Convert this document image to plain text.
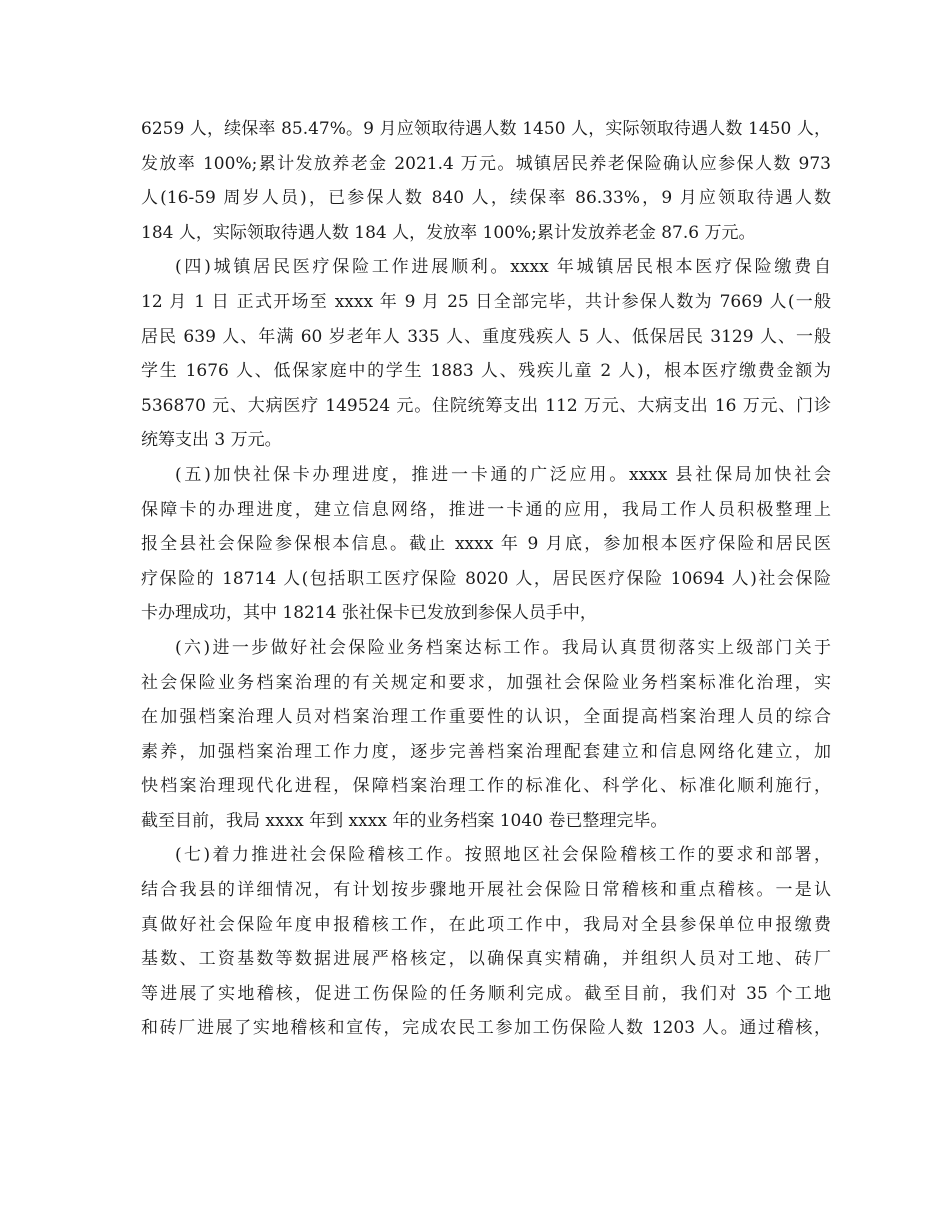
6259 人，续保率 85.47%。9 月应领取待遇人数 1450 人，实际领取待遇人数 1450 人，
发放率 100%;累计发放养老金 2021.4 万元。城镇居民养老保险确认应参保人数 973
人(16-59 周岁人员)，已参保人数 840 人，续保率 86.33%，9 月应领取待遇人数
184 人，实际领取待遇人数 184 人，发放率 100%;累计发放养老金 87.6 万元。
(四)城镇居民医疗保险工作进展顺利。xxxx 年城镇居民根本医疗保险缴费自
12 月 1 日 正式开场至 xxxx 年 9 月 25 日全部完毕，共计参保人数为 7669 人(一般
居民 639 人、年满 60 岁老年人 335 人、重度残疾人 5 人、低保居民 3129 人、一般
学生 1676 人、低保家庭中的学生 1883 人、残疾儿童 2 人)，根本医疗缴费金额为
536870 元、大病医疗 149524 元。住院统筹支出 112 万元、大病支出 16 万元、门诊
统筹支出 3 万元。
(五)加快社保卡办理进度，推进一卡通的广泛应用。xxxx 县社保局加快社会
保障卡的办理进度，建立信息网络，推进一卡通的应用，我局工作人员积极整理上
报全县社会保险参保根本信息。截止 xxxx 年 9 月底，参加根本医疗保险和居民医
疗保险的 18714 人(包括职工医疗保险 8020 人，居民医疗保险 10694 人)社会保险
卡办理成功，其中 18214 张社保卡已发放到参保人员手中，
(六)进一步做好社会保险业务档案达标工作。我局认真贯彻落实上级部门关于
社会保险业务档案治理的有关规定和要求，加强社会保险业务档案标准化治理，实
在加强档案治理人员对档案治理工作重要性的认识，全面提高档案治理人员的综合
素养，加强档案治理工作力度，逐步完善档案治理配套建立和信息网络化建立，加
快档案治理现代化进程，保障档案治理工作的标准化、科学化、标准化顺利施行，
截至目前，我局 xxxx 年到 xxxx 年的业务档案 1040 卷已整理完毕。
(七)着力推进社会保险稽核工作。按照地区社会保险稽核工作的要求和部署，
结合我县的详细情况，有计划按步骤地开展社会保险日常稽核和重点稽核。一是认
真做好社会保险年度申报稽核工作，在此项工作中，我局对全县参保单位申报缴费
基数、工资基数等数据进展严格核定，以确保真实精确，并组织人员对工地、砖厂
等进展了实地稽核，促进工伤保险的任务顺利完成。截至目前，我们对 35 个工地
和砖厂进展了实地稽核和宣传，完成农民工参加工伤保险人数 1203 人。通过稽核，
